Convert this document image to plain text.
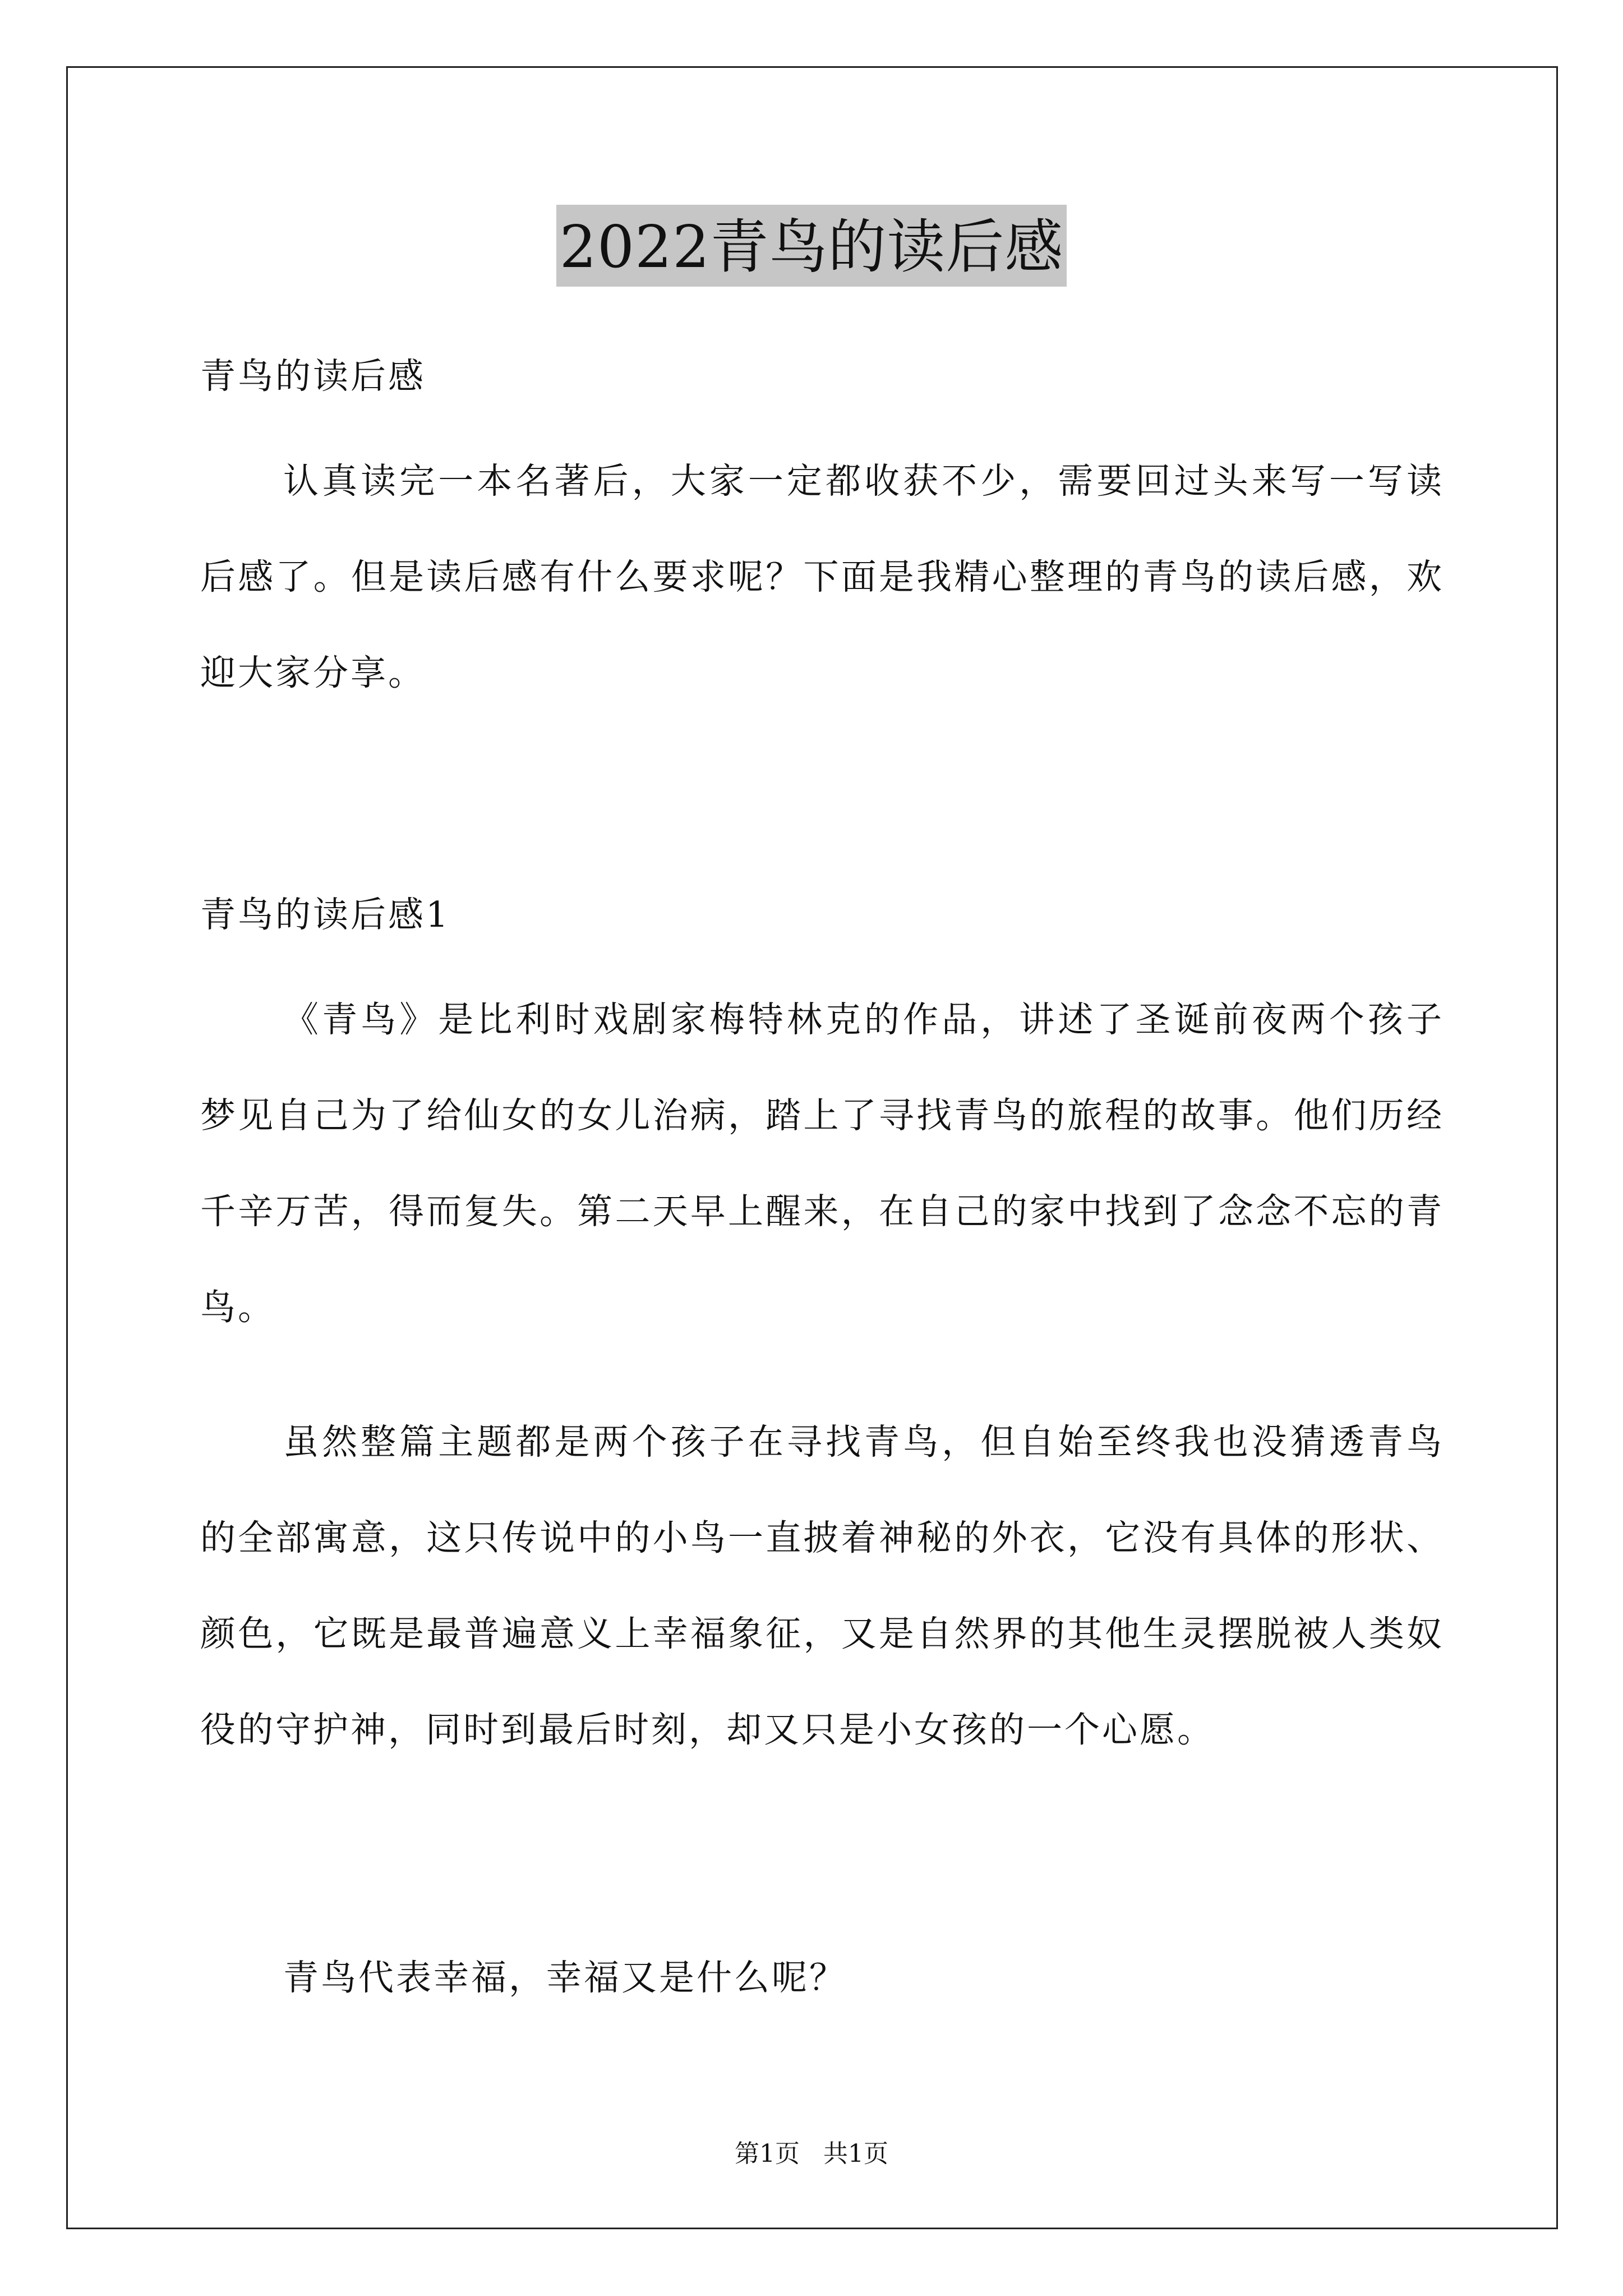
2022青鸟的读后感

青鸟的读后感

认真读完一本名著后，大家一定都收获不少，需要回过头来写一写读后感了。但是读后感有什么要求呢？下面是我精心整理的青鸟的读后感，欢迎大家分享。

青鸟的读后感1

《青鸟》是比利时戏剧家梅特林克的作品，讲述了圣诞前夜两个孩子梦见自己为了给仙女的女儿治病，踏上了寻找青鸟的旅程的故事。他们历经千辛万苦，得而复失。第二天早上醒来，在自己的家中找到了念念不忘的青鸟。

虽然整篇主题都是两个孩子在寻找青鸟，但自始至终我也没猜透青鸟的全部寓意，这只传说中的小鸟一直披着神秘的外衣，它没有具体的形状、颜色，它既是最普遍意义上幸福象征，又是自然界的其他生灵摆脱被人类奴役的守护神，同时到最后时刻，却又只是小女孩的一个心愿。

青鸟代表幸福，幸福又是什么呢？

第1页 共1页
